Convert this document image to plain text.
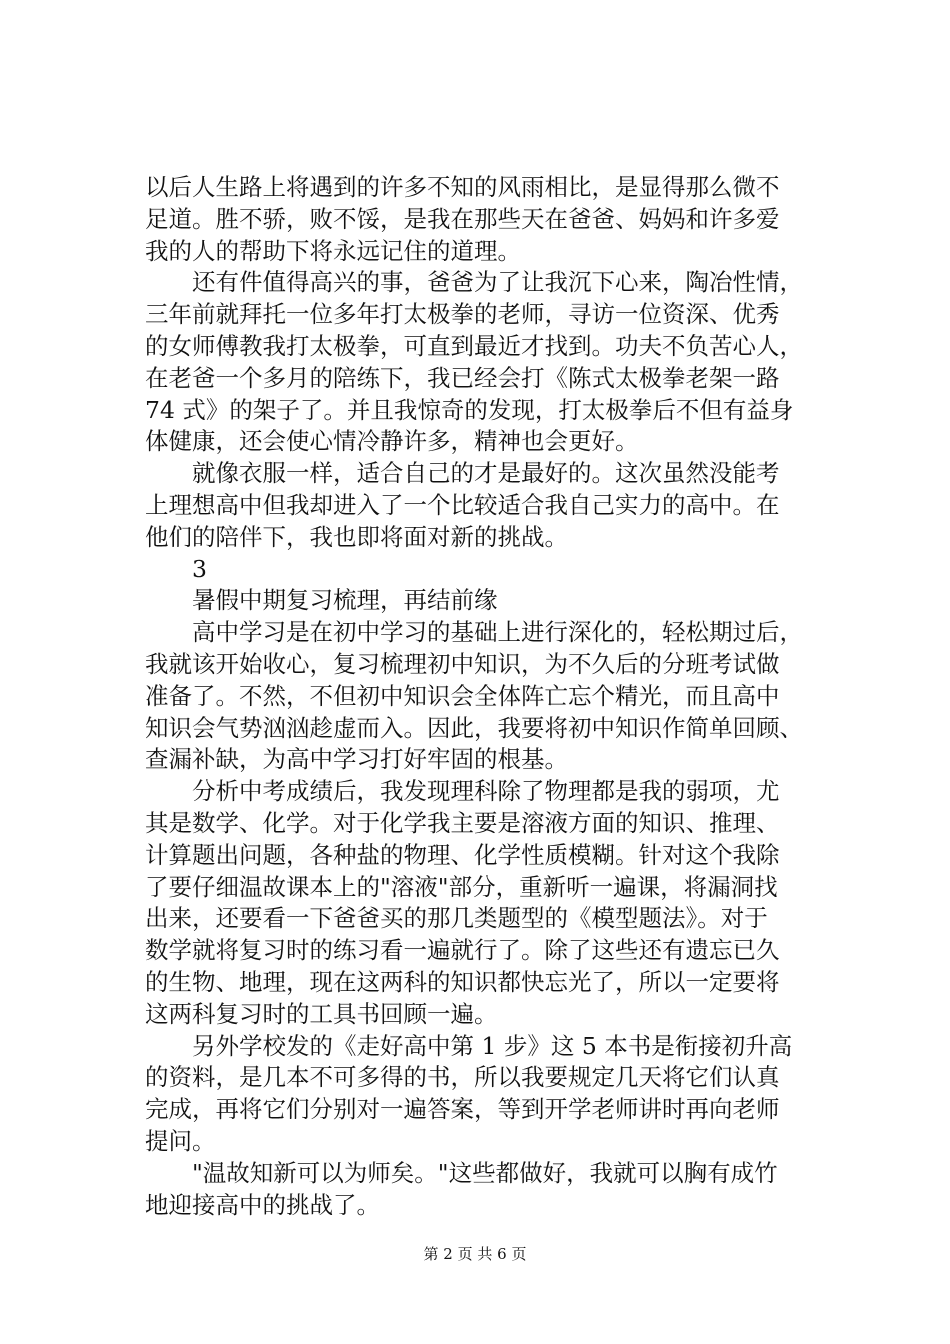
以后人生路上将遇到的许多不知的风雨相比，是显得那么微不
足道。胜不骄，败不馁，是我在那些天在爸爸、妈妈和许多爱
我的人的帮助下将永远记住的道理。
　　还有件值得高兴的事，爸爸为了让我沉下心来，陶冶性情，
三年前就拜托一位多年打太极拳的老师，寻访一位资深、优秀
的女师傅教我打太极拳，可直到最近才找到。功夫不负苦心人，
在老爸一个多月的陪练下，我已经会打《陈式太极拳老架一路
74 式》的架子了。并且我惊奇的发现，打太极拳后不但有益身
体健康，还会使心情冷静许多，精神也会更好。
　　就像衣服一样，适合自己的才是最好的。这次虽然没能考
上理想高中但我却进入了一个比较适合我自己实力的高中。在
他们的陪伴下，我也即将面对新的挑战。
　　3
　　暑假中期复习梳理，再结前缘
　　高中学习是在初中学习的基础上进行深化的，轻松期过后，
我就该开始收心，复习梳理初中知识，为不久后的分班考试做
准备了。不然，不但初中知识会全体阵亡忘个精光，而且高中
知识会气势汹汹趁虚而入。因此，我要将初中知识作简单回顾、
查漏补缺，为高中学习打好牢固的根基。
　　分析中考成绩后，我发现理科除了物理都是我的弱项，尤
其是数学、化学。对于化学我主要是溶液方面的知识、推理、
计算题出问题，各种盐的物理、化学性质模糊。针对这个我除
了要仔细温故课本上的"溶液"部分，重新听一遍课，将漏洞找
出来，还要看一下爸爸买的那几类题型的《模型题法》。对于
数学就将复习时的练习看一遍就行了。除了这些还有遗忘已久
的生物、地理，现在这两科的知识都快忘光了，所以一定要将
这两科复习时的工具书回顾一遍。
　　另外学校发的《走好高中第 1 步》这 5 本书是衔接初升高
的资料，是几本不可多得的书，所以我要规定几天将它们认真
完成，再将它们分别对一遍答案，等到开学老师讲时再向老师
提问。
　　"温故知新可以为师矣。"这些都做好，我就可以胸有成竹
地迎接高中的挑战了。
第 2 页 共 6 页
